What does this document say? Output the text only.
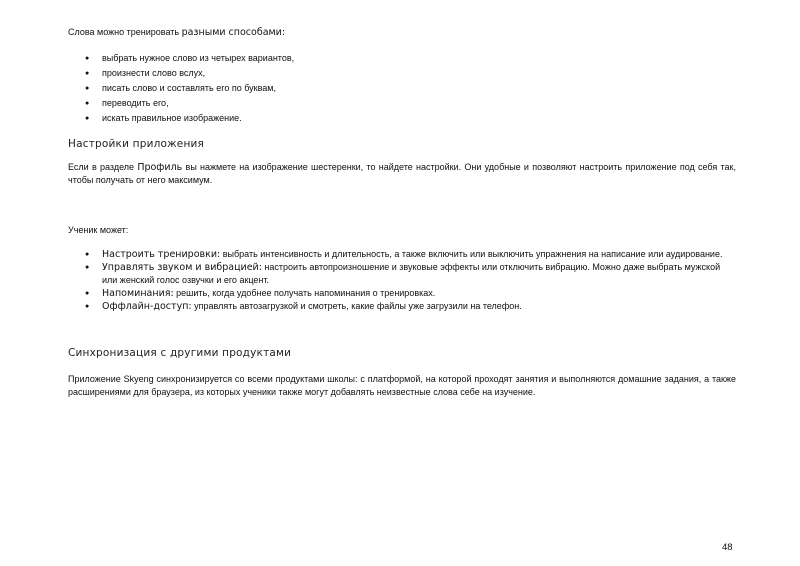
Слова можно тренировать разными способами:
● выбрать нужное слово из четырех вариантов,
● произнести слово вслух,
● писать слово и составлять его по буквам,
● переводить его,
● искать правильное изображение.
Настройки приложения
Если в разделе Профиль вы нажмете на изображение шестеренки, то найдете настройки. Они удобные и позволяют настроить приложение под себя так, чтобы получать от него максимум.
Ученик может:
● Настроить тренировки: выбрать интенсивность и длительность, а также включить или выключить упражнения на написание или аудирование.
● Управлять звуком и вибрацией: настроить автопроизношение и звуковые эффекты или отключить вибрацию. Можно даже выбрать мужской или женский голос озвучки и его акцент.
● Напоминания: решить, когда удобнее получать напоминания о тренировках.
● Оффлайн-доступ: управлять автозагрузкой и смотреть, какие файлы уже загрузили на телефон.
Синхронизация с другими продуктами
Приложение Skyeng синхронизируется со всеми продуктами школы: с платформой, на которой проходят занятия и выполняются домашние задания, а также расширениями для браузера, из которых ученики также могут добавлять неизвестные слова себе на изучение.
48
